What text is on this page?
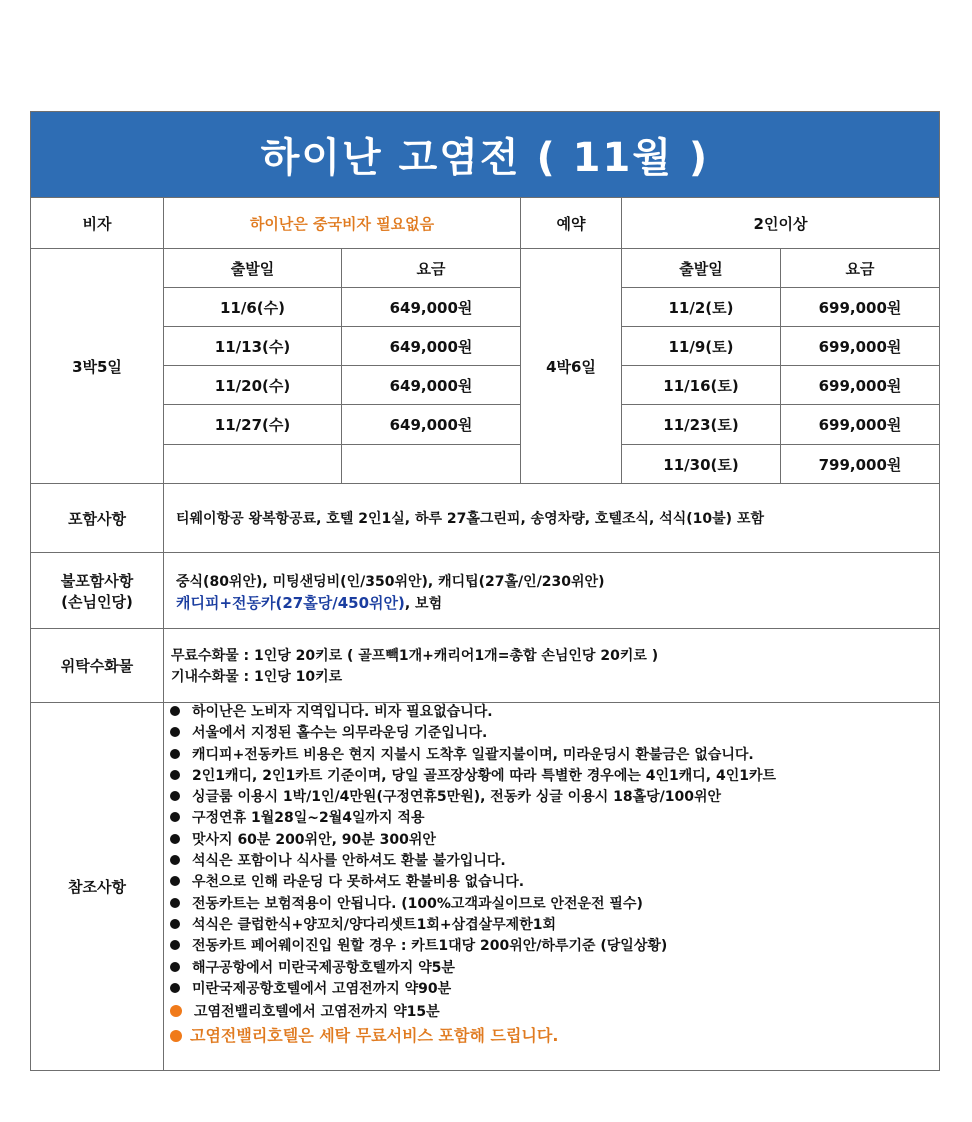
하이난 고염전 ( 11월 )
비자	하이난은 중국비자 필요없음	예약	2인이상
3박5일
출발일	요금
11/6(수)	649,000원
11/13(수)	649,000원
11/20(수)	649,000원
11/27(수)	649,000원
4박6일
출발일	요금
11/2(토)	699,000원
11/9(토)	699,000원
11/16(토)	699,000원
11/23(토)	699,000원
11/30(토)	799,000원
포함사항	티웨이항공 왕복항공료, 호텔 2인1실, 하루 27홀그린피, 송영차량, 호텔조식, 석식(10불) 포함
불포함사항
(손님인당)
중식(80위안), 미팅샌딩비(인/350위안), 캐디팁(27홀/인/230위안)
캐디피+전동카(27홀당/450위안), 보험
위탁수화물
무료수화물 : 1인당 20키로 ( 골프빽1개+캐리어1개=총합 손님인당 20키로 )
기내수화물 : 1인당 10키로
참조사항
하이난은 노비자 지역입니다. 비자 필요없습니다.
서울에서 지정된 홀수는 의무라운딩 기준입니다.
캐디피+전동카트 비용은 현지 지불시 도착후 일괄지불이며, 미라운딩시 환불금은 없습니다.
2인1캐디, 2인1카트 기준이며, 당일 골프장상황에 따라 특별한 경우에는 4인1캐디, 4인1카트
싱글룸 이용시 1박/1인/4만원(구정연휴5만원), 전동카 싱글 이용시 18홀당/100위안
구정연휴 1월28일~2월4일까지 적용
맛사지 60분 200위안, 90분 300위안
석식은 포함이나 식사를 안하셔도 환불 불가입니다.
우천으로 인해 라운딩 다 못하셔도 환불비용 없습니다.
전동카트는 보험적용이 안됩니다. (100%고객과실이므로 안전운전 필수)
석식은 클럽한식+양꼬치/양다리셋트1회+삼겹살무제한1회
전동카트 페어웨이진입 원할 경우 : 카트1대당 200위안/하루기준 (당일상황)
해구공항에서 미란국제공항호텔까지 약5분
미란국제공항호텔에서 고염전까지 약90분
고염전밸리호텔에서 고염전까지 약15분
고염전밸리호텔은 세탁 무료서비스 포함해 드립니다.
